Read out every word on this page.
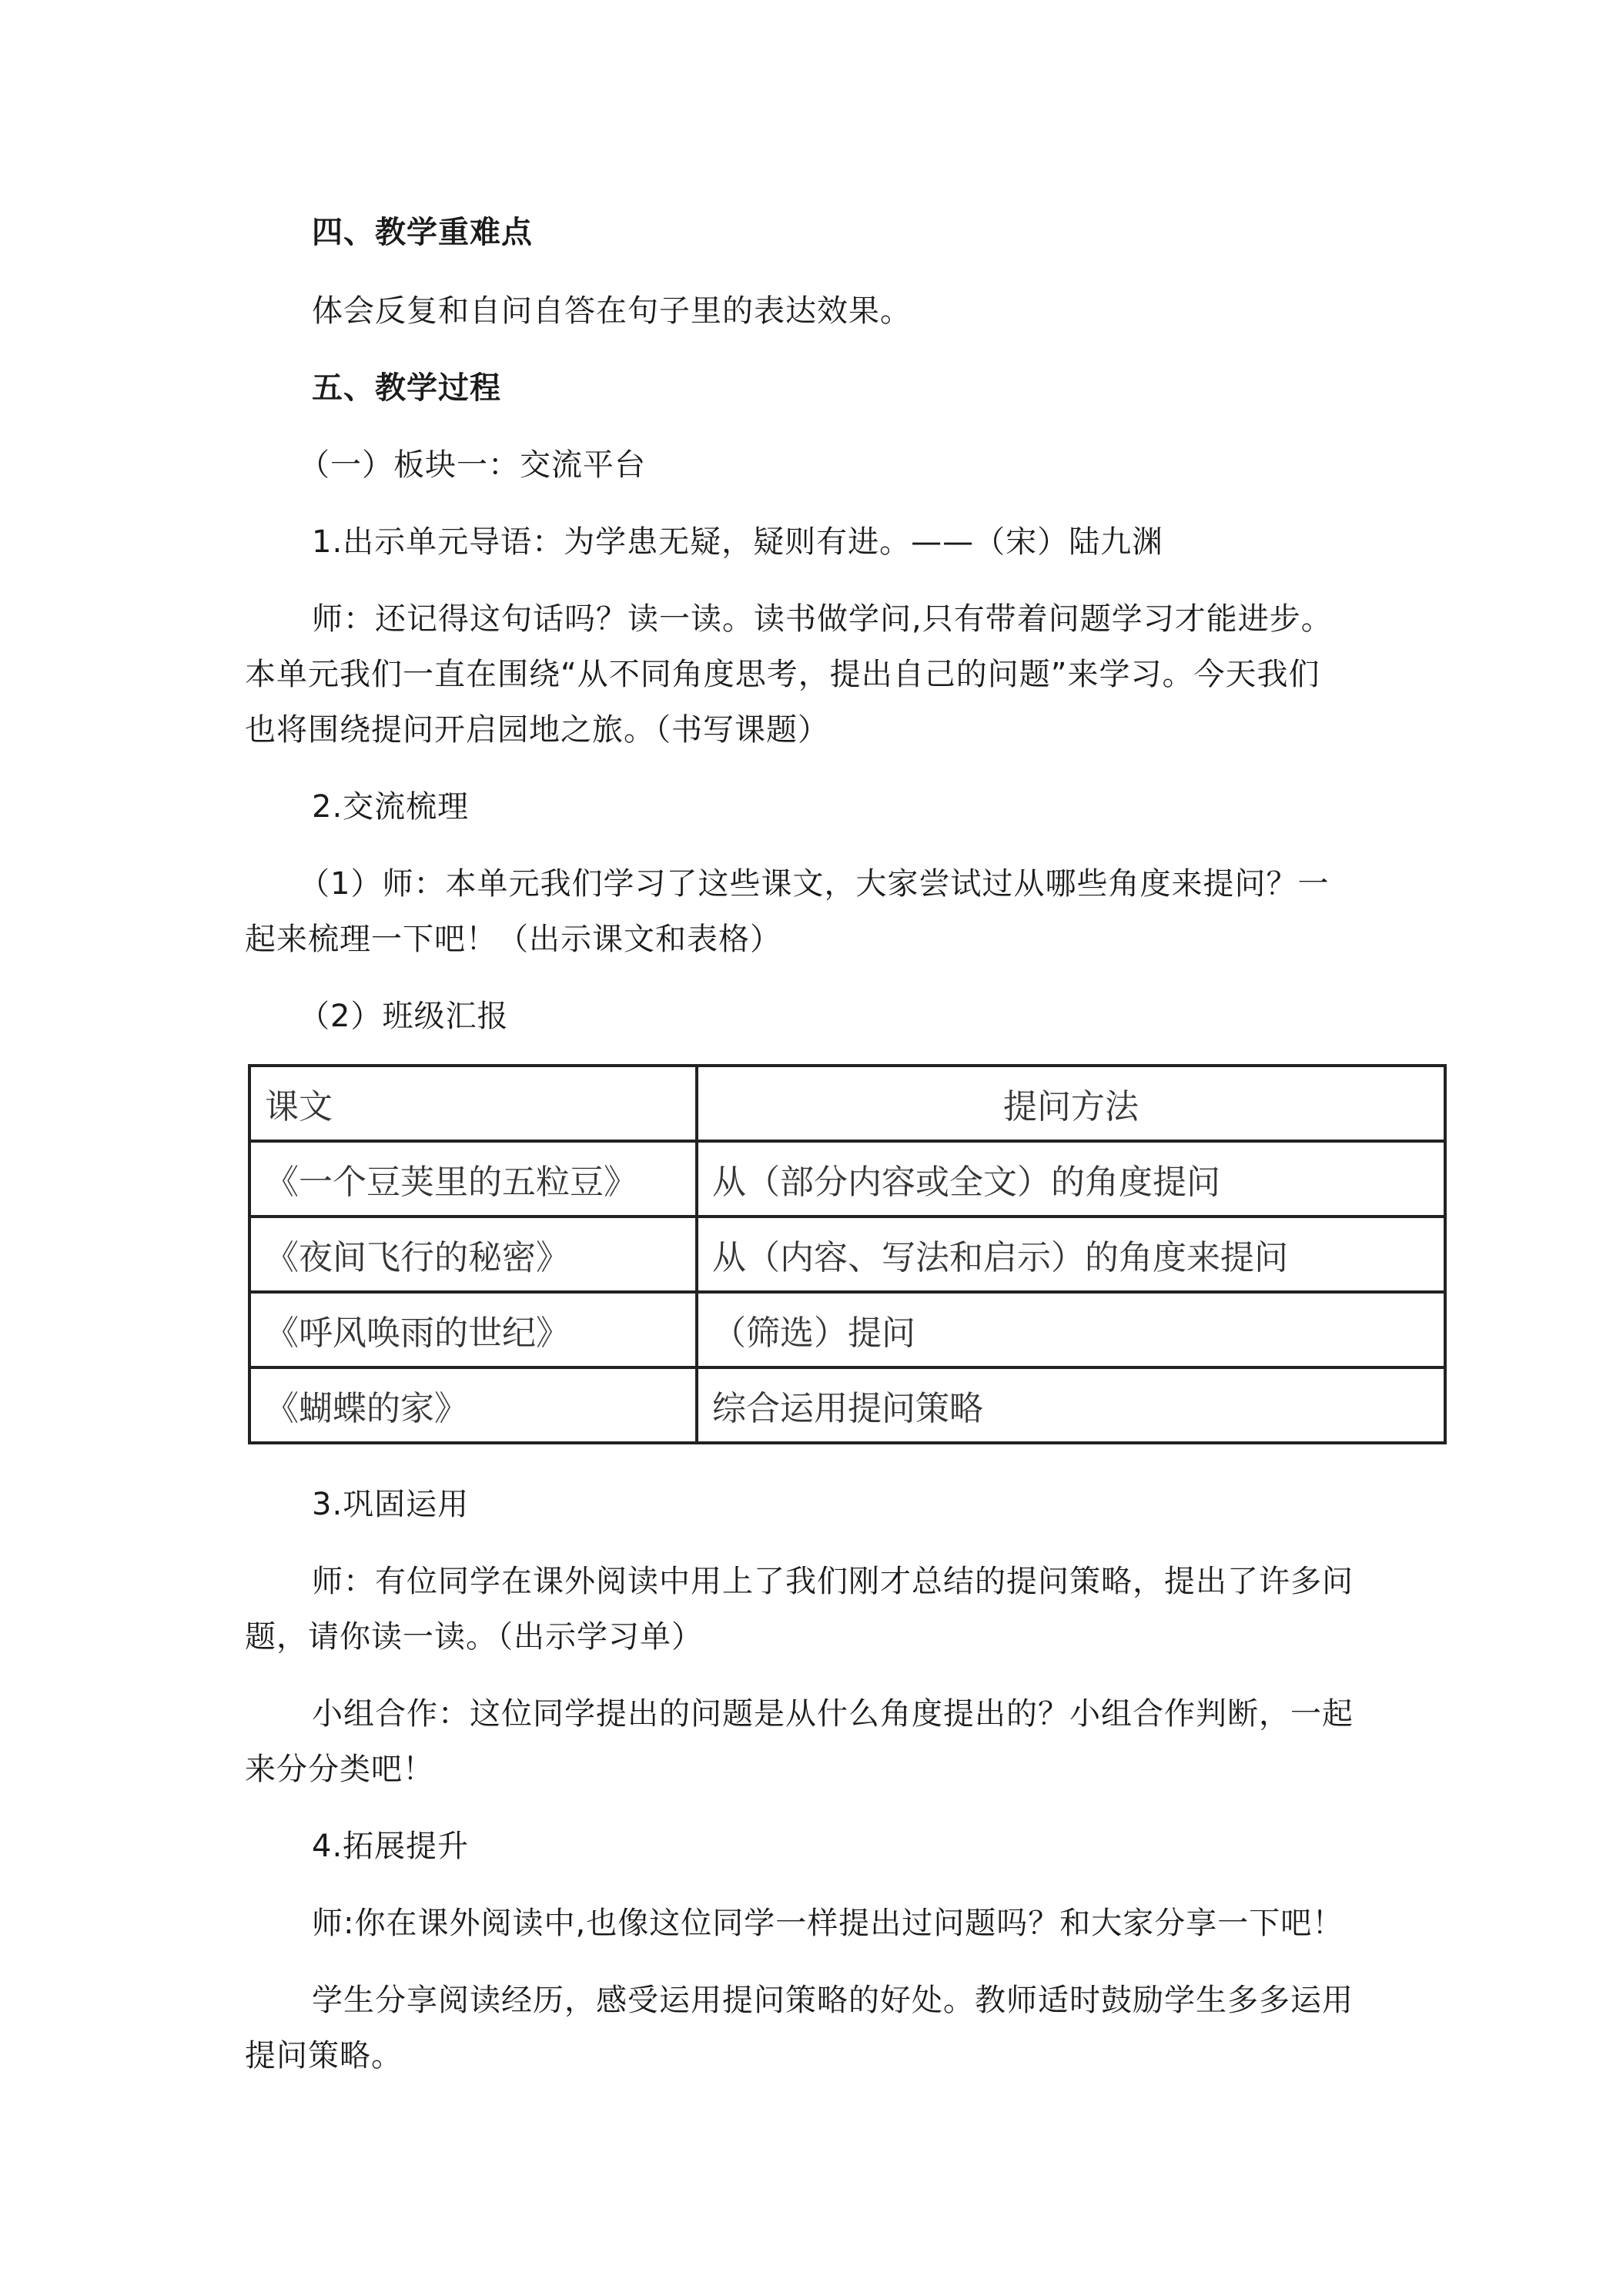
四、教学重难点
体会反复和自问自答在句子里的表达效果。
五、教学过程
（一）板块一：交流平台
1.出示单元导语：为学患无疑，疑则有进。——（宋）陆九渊
师：还记得这句话吗？读一读。读书做学问,只有带着问题学习才能进步。
本单元我们一直在围绕“从不同角度思考，提出自己的问题”来学习。今天我们
也将围绕提问开启园地之旅。（书写课题）
2.交流梳理
（1）师：本单元我们学习了这些课文，大家尝试过从哪些角度来提问？一
起来梳理一下吧！（出示课文和表格）
（2）班级汇报
课文	提问方法
《一个豆荚里的五粒豆》	从（部分内容或全文）的角度提问
《夜间飞行的秘密》	从（内容、写法和启示）的角度来提问
《呼风唤雨的世纪》	（筛选）提问
《蝴蝶的家》	综合运用提问策略
3.巩固运用
师：有位同学在课外阅读中用上了我们刚才总结的提问策略，提出了许多问
题，请你读一读。（出示学习单）
小组合作：这位同学提出的问题是从什么角度提出的？小组合作判断，一起
来分分类吧！
4.拓展提升
师:你在课外阅读中,也像这位同学一样提出过问题吗？和大家分享一下吧！
学生分享阅读经历，感受运用提问策略的好处。教师适时鼓励学生多多运用
提问策略。
